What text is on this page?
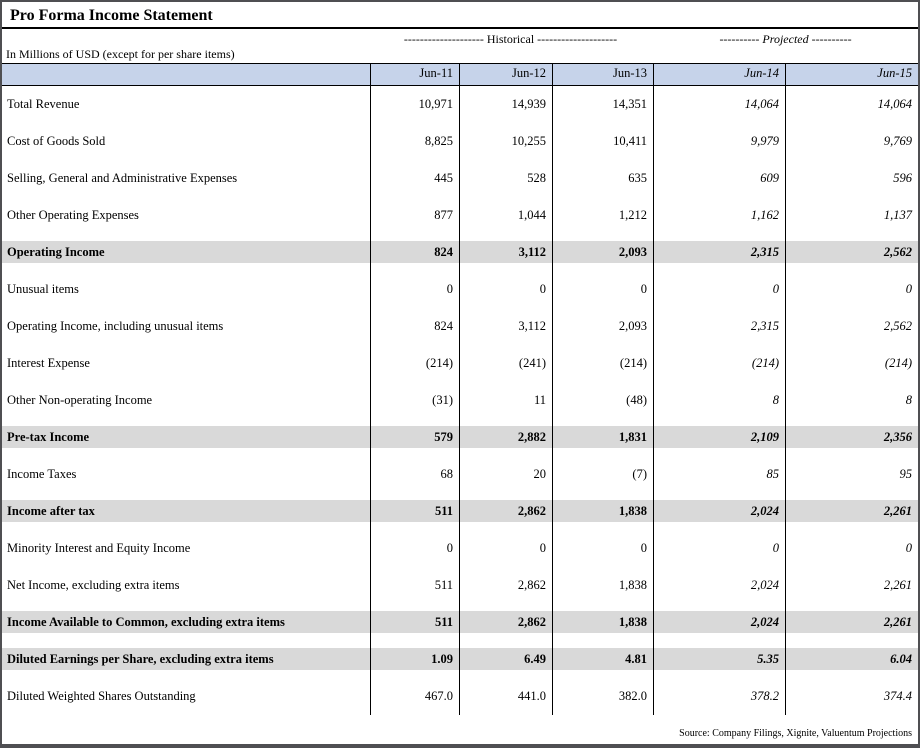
Pro Forma Income Statement
-------------------- Historical --------------------	---------- Projected ----------
In Millions of USD (except for per share items)
Jun-11	Jun-12	Jun-13	Jun-14	Jun-15
Total Revenue	10,971	14,939	14,351	14,064	14,064
Cost of Goods Sold	8,825	10,255	10,411	9,979	9,769
Selling, General and Administrative Expenses	445	528	635	609	596
Other Operating Expenses	877	1,044	1,212	1,162	1,137
Operating Income	824	3,112	2,093	2,315	2,562
Unusual items	0	0	0	0	0
Operating Income, including unusual items	824	3,112	2,093	2,315	2,562
Interest Expense	(214)	(241)	(214)	(214)	(214)
Other Non-operating Income	(31)	11	(48)	8	8
Pre-tax Income	579	2,882	1,831	2,109	2,356
Income Taxes	68	20	(7)	85	95
Income after tax	511	2,862	1,838	2,024	2,261
Minority Interest and Equity Income	0	0	0	0	0
Net Income, excluding extra items	511	2,862	1,838	2,024	2,261
Income Available to Common, excluding extra items	511	2,862	1,838	2,024	2,261
Diluted Earnings per Share, excluding extra items	1.09	6.49	4.81	5.35	6.04
Diluted Weighted Shares Outstanding	467.0	441.0	382.0	378.2	374.4
Source: Company Filings, Xignite, Valuentum Projections
